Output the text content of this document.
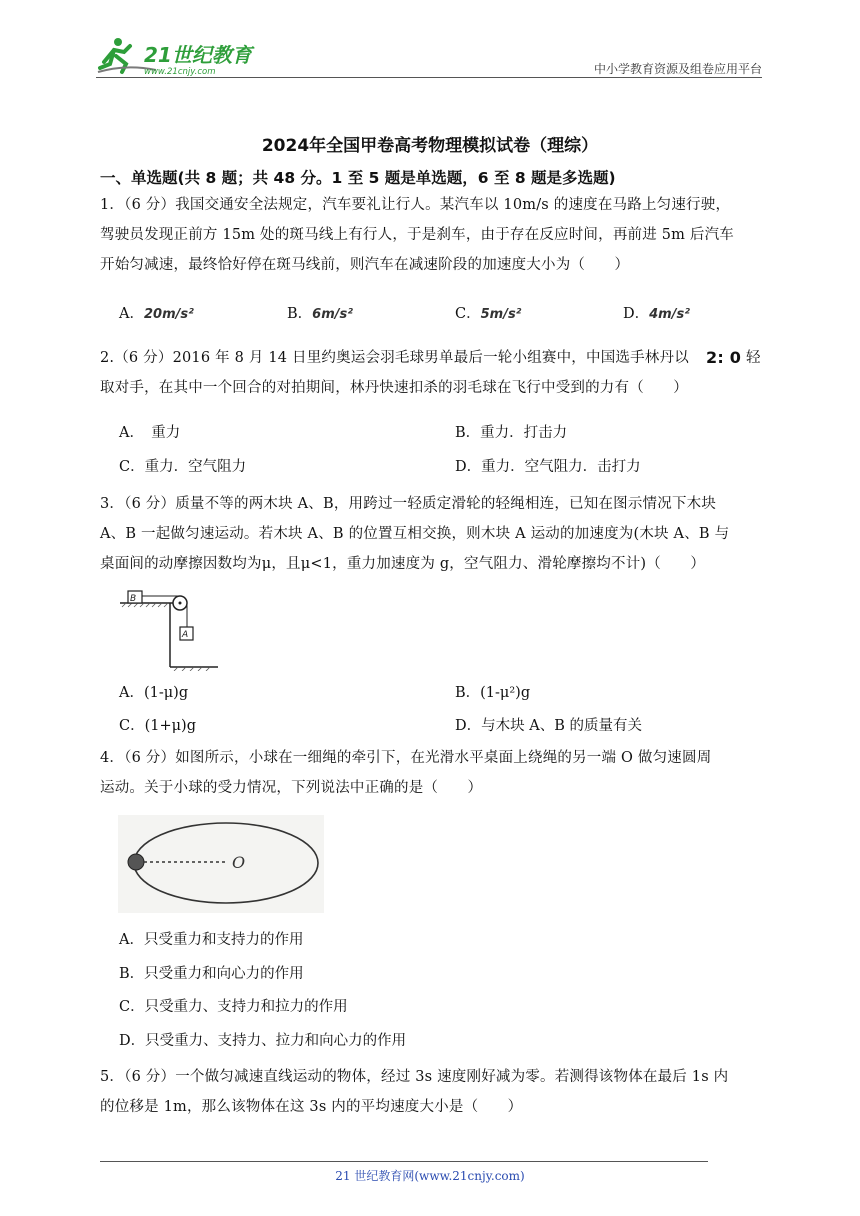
21世纪教育
www.21cnjy.com	中小学教育资源及组卷应用平台
2024年全国甲卷高考物理模拟试卷（理综）
一、单选题(共 8 题；共 48 分。1 至 5 题是单选题，6 至 8 题是多选题)
1．（6 分）我国交通安全法规定，汽车要礼让行人。某汽车以 10m/s 的速度在马路上匀速行驶，
驾驶员发现正前方 15m 处的斑马线上有行人，于是刹车，由于存在反应时间，再前进 5m 后汽车
开始匀减速，最终恰好停在斑马线前，则汽车在减速阶段的加速度大小为（　　）
A．20m/s²	B．6m/s²	C．5m/s²	D．4m/s²
2.（6 分）2016 年 8 月 14 日里约奥运会羽毛球男单最后一轮小组赛中，中国选手林丹以 2: 0 轻
取对手，在其中一个回合的对拍期间，林丹快速扣杀的羽毛球在飞行中受到的力有（　　）
A．　重力	B．重力．打击力
C．重力．空气阻力	D．重力．空气阻力．击打力
3．（6 分）质量不等的两木块 A、B，用跨过一轻质定滑轮的轻绳相连，已知在图示情况下木块
A、B 一起做匀速运动。若木块 A、B 的位置互相交换，则木块 A 运动的加速度为(木块 A、B 与
桌面间的动摩擦因数均为μ，且μ<1，重力加速度为 g，空气阻力、滑轮摩擦均不计)（　　）
B
A
A．(1-μ)g	B．(1-μ²)g
C．(1+μ)g	D．与木块 A、B 的质量有关
4．（6 分）如图所示，小球在一细绳的牵引下，在光滑水平桌面上绕绳的另一端 O 做匀速圆周
运动。关于小球的受力情况，下列说法中正确的是（　　）
O
A．只受重力和支持力的作用
B．只受重力和向心力的作用
C．只受重力、支持力和拉力的作用
D．只受重力、支持力、拉力和向心力的作用
5．（6 分）一个做匀减速直线运动的物体，经过 3s 速度刚好减为零。若测得该物体在最后 1s 内
的位移是 1m，那么该物体在这 3s 内的平均速度大小是（　　）
21 世纪教育网(www.21cnjy.com)
